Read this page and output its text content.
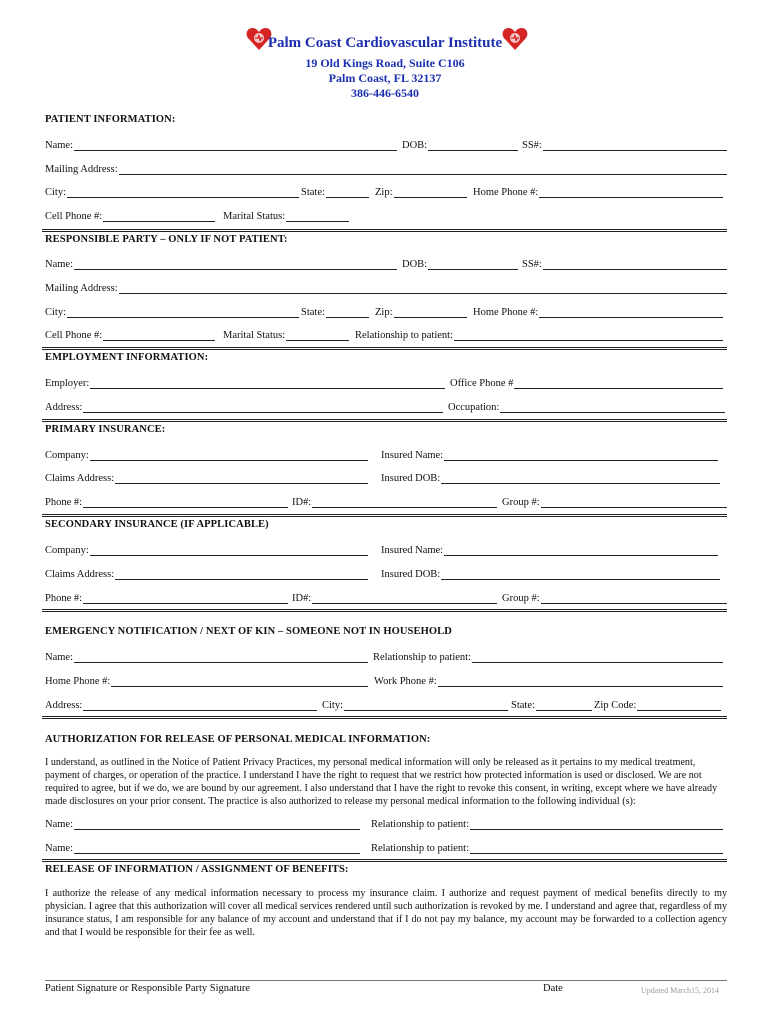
Palm Coast Cardiovascular Institute
19 Old Kings Road, Suite C106
Palm Coast, FL 32137
386-446-6540
PATIENT INFORMATION:
Name:	DOB:	SS#:
Mailing Address:
City:	State:	Zip:	Home Phone #:
Cell Phone #:	Marital Status:
RESPONSIBLE PARTY – ONLY IF NOT PATIENT:
Name:	DOB:	SS#:
Mailing Address:
City:	State:	Zip:	Home Phone #:
Cell Phone #:	Marital Status:	Relationship to patient:
EMPLOYMENT INFORMATION:
Employer:	Office Phone #
Address:	Occupation:
PRIMARY INSURANCE:
Company:	Insured Name:
Claims Address:	Insured DOB:
Phone #:	ID#:	Group #:
SECONDARY INSURANCE (IF APPLICABLE)
Company:	Insured Name:
Claims Address:	Insured DOB:
Phone #:	ID#:	Group #:
EMERGENCY NOTIFICATION / NEXT OF KIN – SOMEONE NOT IN HOUSEHOLD
Name:	Relationship to patient:
Home Phone #:	Work Phone #:
Address:	City:	State:	Zip Code:
AUTHORIZATION FOR RELEASE OF PERSONAL MEDICAL INFORMATION:
I understand, as outlined in the Notice of Patient Privacy Practices, my personal medical information will only be released as it pertains to my medical treatment, payment of charges, or operation of the practice. I understand I have the right to request that we restrict how protected information is used or disclosed. We are not required to agree, but if we do, we are bound by our agreement. I also understand that I have the right to revoke this consent, in writing, except where we have already made disclosures on your prior consent. The practice is also authorized to release my personal medical information to the following individual (s):
Name:	Relationship to patient:
Name:	Relationship to patient:
RELEASE OF INFORMATION / ASSIGNMENT OF BENEFITS:
I authorize the release of any medical information necessary to process my insurance claim. I authorize and request payment of medical benefits directly to my physician. I agree that this authorization will cover all medical services rendered until such authorization is revoked by me. I understand and agree that, regardless of my insurance status, I am responsible for any balance of my account and understand that if I do not pay my balance, my account may be forwarded to a collection agency and that I would be responsible for their fee as well.
Patient Signature or Responsible Party Signature	Date	Updated March15, 2014
